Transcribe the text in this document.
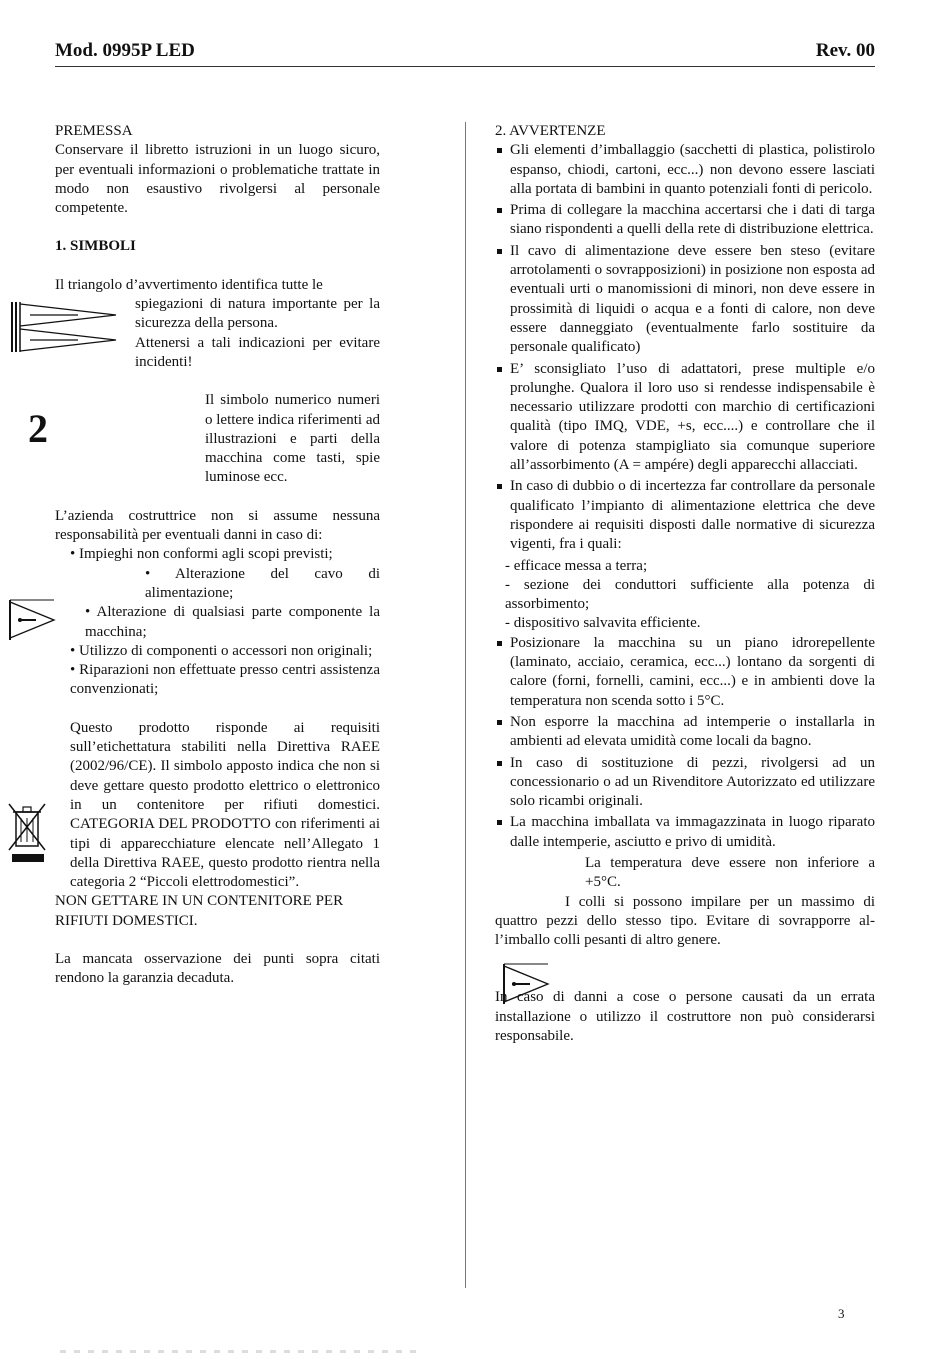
Mod. 0995P LED	Rev. 00

PREMESSA

Conservare il libretto istruzioni in un luogo sicuro, per eventuali informazioni o problematiche trattate in modo non esaustivo rivolgersi al personale competente.

1. SIMBOLI

Il triangolo d’avvertimento identifica tutte le

spiegazioni di natura importante per la sicurezza della persona.

Attenersi a tali indicazioni per evitare incidenti!

Il simbolo numerico numeri o lettere indica riferimenti ad illustrazioni e parti della macchina come tasti, spie luminose ecc.

L’azienda costruttrice non si assume nessuna responsabilità per eventuali danni in caso di:

• Impieghi non conformi agli scopi previsti;

• Alterazione del cavo di alimentazione;

• Alterazione di qualsiasi parte componente la macchina;

• Utilizzo di componenti o accessori non originali;

• Riparazioni non effettuate presso centri assistenza convenzionati;

Questo prodotto risponde ai requisiti sull’etichettatura stabiliti nella Direttiva RAEE (2002/96/CE). Il simbolo apposto indica che non si deve gettare questo prodotto elettrico o elettronico in un contenitore per rifiuti domestici. CATEGORIA DEL PRODOTTO con riferimenti ai tipi di apparecchiature elencate nell’Allegato 1 della Direttiva RAEE, questo prodotto rientra nella categoria 2 “Piccoli elettrodomestici”.

NON GETTARE IN UN CONTENITORE PER RIFIUTI DOMESTICI.

La mancata osservazione dei punti sopra citati rendono la garanzia decaduta.

2

2. AVVERTENZE

Gli elementi d’imballaggio (sacchetti di plastica, polistirolo espanso, chiodi, cartoni, ecc...) non devono essere lasciati alla portata di bambini in quanto potenziali fonti di pericolo.
Prima di collegare la macchina accertarsi che i dati di targa siano rispondenti a quelli della rete di distribuzione elettrica.
Il cavo di alimentazione deve essere ben steso (evitare arrotolamenti o sovrapposizioni) in posizione non esposta ad eventuali urti o manomissioni di minori, non deve essere in prossimità di liquidi o acqua e a fonti di calore, non deve essere danneggiato (eventualmente farlo sostituire da personale qualificato)
E’ sconsigliato l’uso di adattatori, prese multiple e/o prolunghe. Qualora il loro uso si rendesse indispensabile è necessario utilizzare prodotti con marchio di certificazioni qualità (tipo IMQ, VDE, +s, ecc....) e controllare che il valore di potenza stampigliato sia comunque superiore all’assorbimento (A = ampére) degli apparecchi allacciati.
In caso di dubbio o di incertezza far controllare da personale qualificato l’impianto di alimentazione elettrica che deve rispondere ai requisiti disposti dalle normative di sicurezza vigenti, fra i quali:

- efficace messa a terra;

- sezione dei conduttori sufficiente alla potenza di assorbimento;

- dispositivo salvavita efficiente.

Posizionare la macchina su un piano idrorepellente (laminato, acciaio, ceramica, ecc...) lontano da sorgenti di calore (forni, fornelli, camini, ecc...) e in ambienti dove la temperatura non scenda sotto i 5°C.
Non esporre la macchina ad intemperie o installarla in ambienti ad elevata umidità come locali da bagno.
In caso di sostituzione di pezzi, rivolgersi ad un concessionario o ad un Rivenditore Autorizzato ed utilizzare solo ricambi originali.
La macchina imballata va immagazzinata in luogo riparato dalle intemperie, asciutto e privo di umidità.

La temperatura deve essere non inferiore a +5°C.

I colli si possono impilare per un massimo di quattro pezzi dello stesso tipo. Evitare di sovrapporre al-l’imballo colli pesanti di altro genere.

In caso di danni a cose o persone causati da un errata installazione o utilizzo il costruttore non può considerarsi responsabile.

3
